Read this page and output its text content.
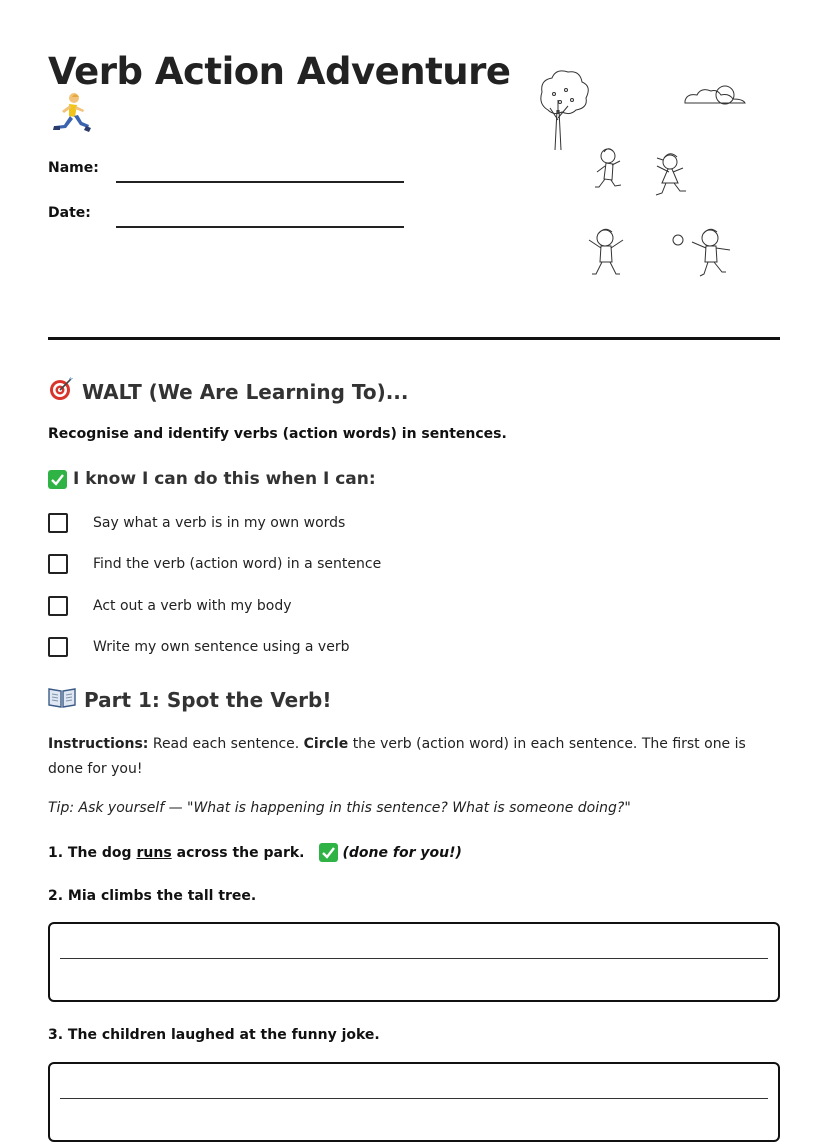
Verb Action Adventure
Name:
Date:
WALT (We Are Learning To)...
Recognise and identify verbs (action words) in sentences.
I know I can do this when I can:
Say what a verb is in my own words
Find the verb (action word) in a sentence
Act out a verb with my body
Write my own sentence using a verb
Part 1: Spot the Verb!
Instructions: Read each sentence. Circle the verb (action word) in each sentence. The first one is done for you!
Tip: Ask yourself — "What is happening in this sentence? What is someone doing?"
1. The dog runs across the park.	(done for you!)
2. Mia climbs the tall tree.
3. The children laughed at the funny joke.
